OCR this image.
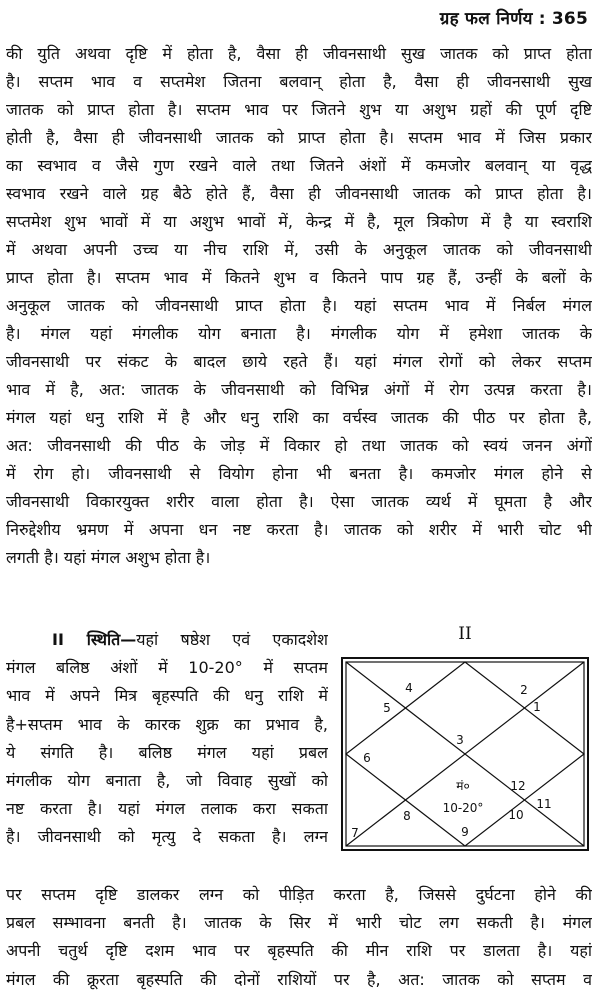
ग्रह फल निर्णय : 365
की युति अथवा दृष्टि में होता है, वैसा ही जीवनसाथी सुख जातक को प्राप्त होता
है। सप्तम भाव व सप्तमेश जितना बलवान् होता है, वैसा ही जीवनसाथी सुख
जातक को प्राप्त होता है। सप्तम भाव पर जितने शुभ या अशुभ ग्रहों की पूर्ण दृष्टि
होती है, वैसा ही जीवनसाथी जातक को प्राप्त होता है। सप्तम भाव में जिस प्रकार
का स्वभाव व जैसे गुण रखने वाले तथा जितने अंशों में कमजोर बलवान् या वृद्ध
स्वभाव रखने वाले ग्रह बैठे होते हैं, वैसा ही जीवनसाथी जातक को प्राप्त होता है।
सप्तमेश शुभ भावों में या अशुभ भावों में, केन्द्र में है, मूल त्रिकोण में है या स्वराशि
में अथवा अपनी उच्च या नीच राशि में, उसी के अनुकूल जातक को जीवनसाथी
प्राप्त होता है। सप्तम भाव में कितने शुभ व कितने पाप ग्रह हैं, उन्हीं के बलों के
अनुकूल जातक को जीवनसाथी प्राप्त होता है। यहां सप्तम भाव में निर्बल मंगल
है। मंगल यहां मंगलीक योग बनाता है। मंगलीक योग में हमेशा जातक के
जीवनसाथी पर संकट के बादल छाये रहते हैं। यहां मंगल रोगों को लेकर सप्तम
भाव में है, अत: जातक के जीवनसाथी को विभिन्न अंगों में रोग उत्पन्न करता है।
मंगल यहां धनु राशि में है और धनु राशि का वर्चस्व जातक की पीठ पर होता है,
अत: जीवनसाथी की पीठ के जोड़ में विकार हो तथा जातक को स्वयं जनन अंगों
में रोग हो। जीवनसाथी से वियोग होना भी बनता है। कमजोर मंगल होने से
जीवनसाथी विकारयुक्त शरीर वाला होता है। ऐसा जातक व्यर्थ में घूमता है और
निरुद्देशीय भ्रमण में अपना धन नष्ट करता है। जातक को शरीर में भारी चोट भी
लगती है। यहां मंगल अशुभ होता है।
II स्थिति—यहां षष्ठेश एवं एकादशेश
मंगल बलिष्ठ अंशों में 10-20° में सप्तम
भाव में अपने मित्र बृहस्पति की धनु राशि में
है+सप्तम भाव के कारक शुक्र का प्रभाव है,
ये संगति है। बलिष्ठ मंगल यहां प्रबल
मंगलीक योग बनाता है, जो विवाह सुखों को
नष्ट करता है। यहां मंगल तलाक करा सकता
है। जीवनसाथी को मृत्यु दे सकता है। लग्न
II
1
2
3
4
5
6
7
8
9
10
11
12
मं०
10-20°
पर सप्तम दृष्टि डालकर लग्न को पीड़ित करता है, जिससे दुर्घटना होने की
प्रबल सम्भावना बनती है। जातक के सिर में भारी चोट लग सकती है। मंगल
अपनी चतुर्थ दृष्टि दशम भाव पर बृहस्पति की मीन राशि पर डालता है। यहां
मंगल की क्रूरता बृहस्पति की दोनों राशियों पर है, अत: जातक को सप्तम व
